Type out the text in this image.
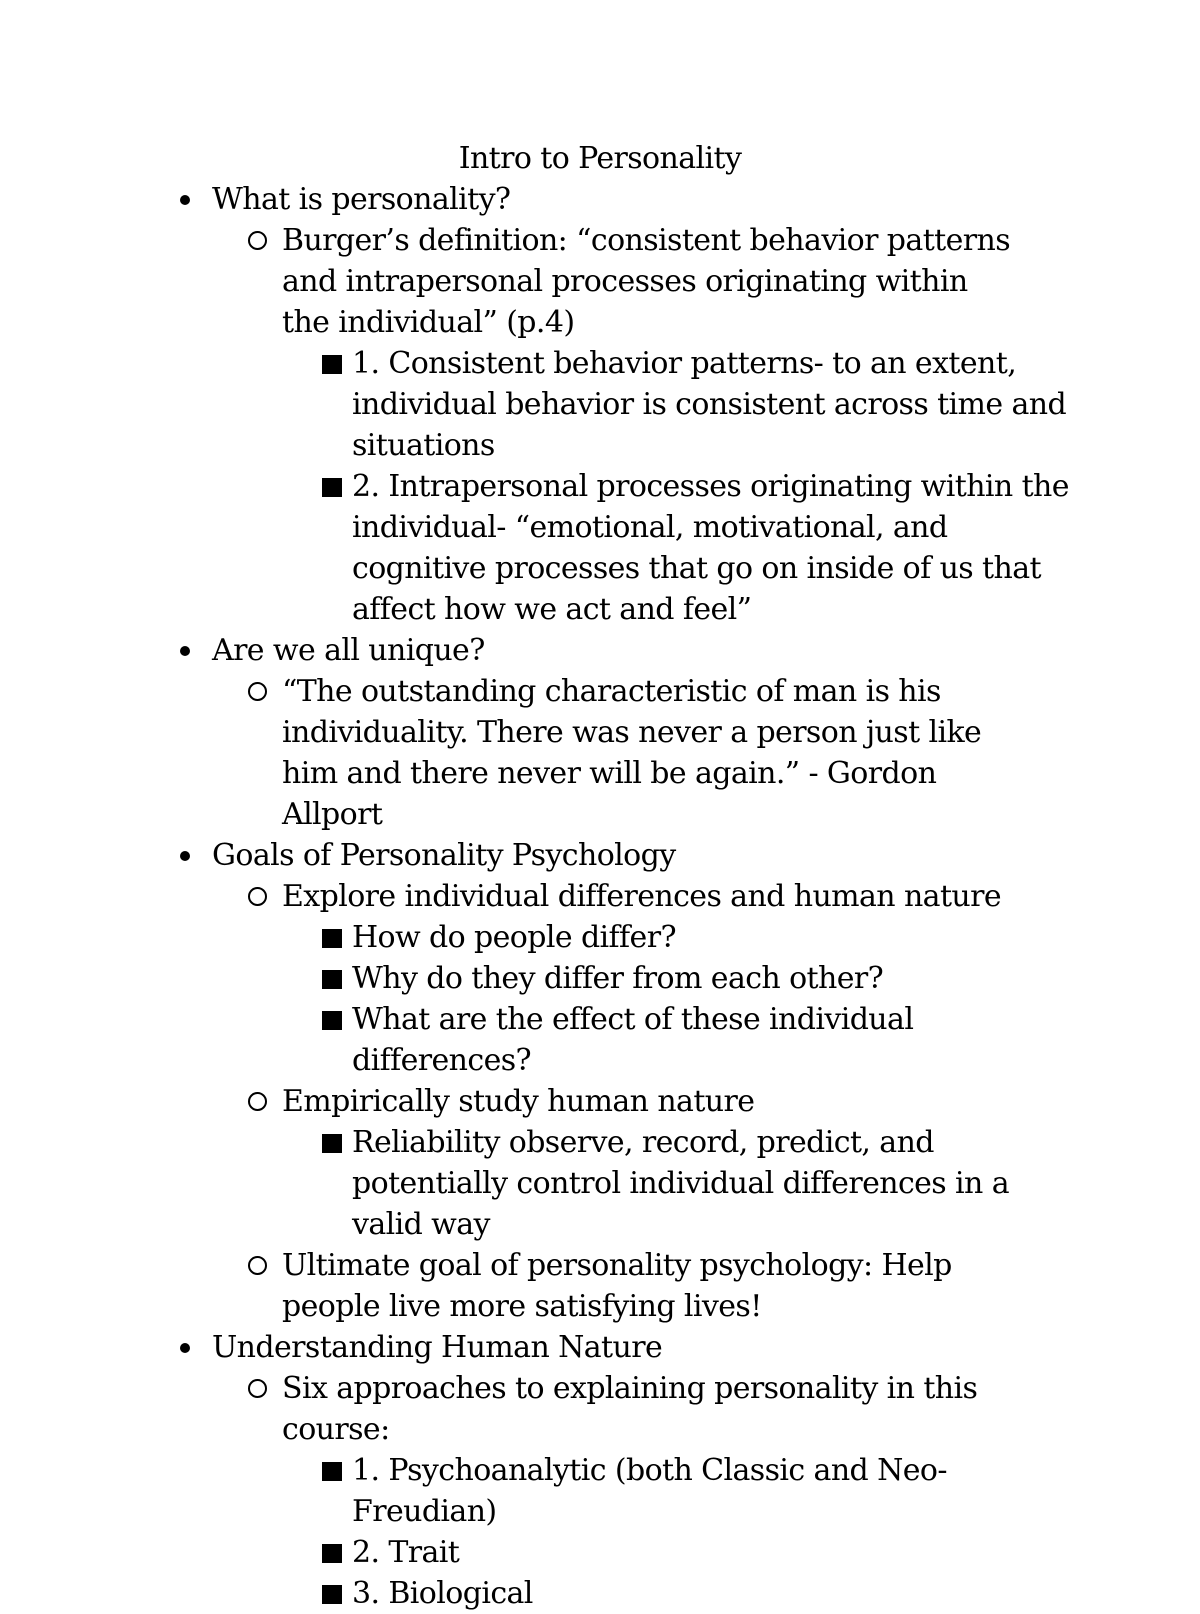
Intro to Personality
What is personality?
Burger’s definition: “consistent behavior patterns and intrapersonal processes originating within the individual” (p.4)
1. Consistent behavior patterns- to an extent, individual behavior is consistent across time and situations
2. Intrapersonal processes originating within the individual- “emotional, motivational, and cognitive processes that go on inside of us that affect how we act and feel”
Are we all unique?
“The outstanding characteristic of man is his individuality. There was never a person just like him and there never will be again.” - Gordon Allport
Goals of Personality Psychology
Explore individual differences and human nature
How do people differ?
Why do they differ from each other?
What are the effect of these individual differences?
Empirically study human nature
Reliability observe, record, predict, and potentially control individual differences in a valid way
Ultimate goal of personality psychology: Help people live more satisfying lives!
Understanding Human Nature
Six approaches to explaining personality in this course:
1. Psychoanalytic (both Classic and Neo-Freudian)
2. Trait
3. Biological
